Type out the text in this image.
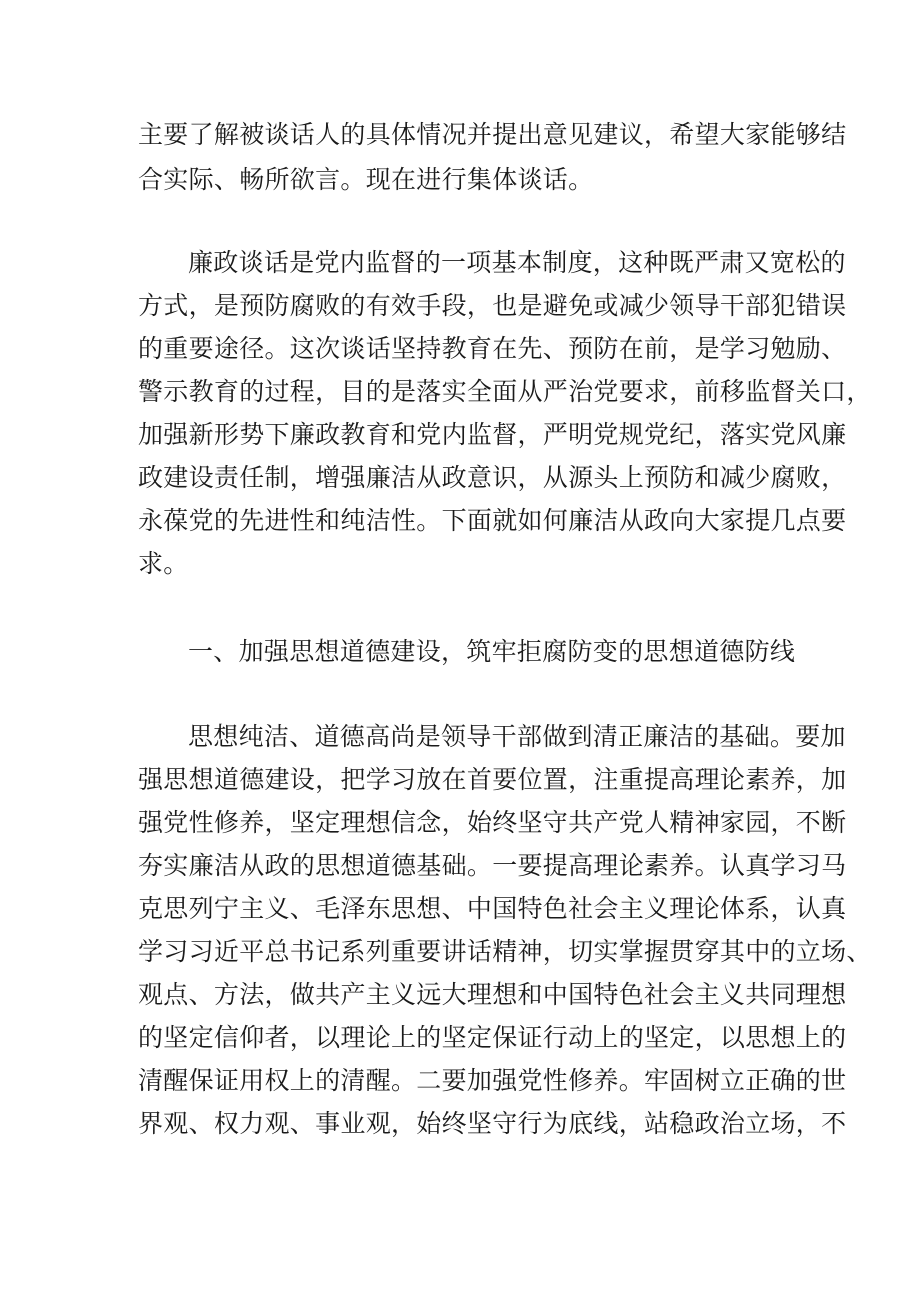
主要了解被谈话人的具体情况并提出意见建议，希望大家能够结
合实际、畅所欲言。现在进行集体谈话。
廉政谈话是党内监督的一项基本制度，这种既严肃又宽松的
方式，是预防腐败的有效手段，也是避免或减少领导干部犯错误
的重要途径。这次谈话坚持教育在先、预防在前，是学习勉励、
警示教育的过程，目的是落实全面从严治党要求，前移监督关口，
加强新形势下廉政教育和党内监督，严明党规党纪，落实党风廉
政建设责任制，增强廉洁从政意识，从源头上预防和减少腐败，
永葆党的先进性和纯洁性。下面就如何廉洁从政向大家提几点要
求。
一、加强思想道德建设，筑牢拒腐防变的思想道德防线
思想纯洁、道德高尚是领导干部做到清正廉洁的基础。要加
强思想道德建设，把学习放在首要位置，注重提高理论素养，加
强党性修养，坚定理想信念，始终坚守共产党人精神家园，不断
夯实廉洁从政的思想道德基础。一要提高理论素养。认真学习马
克思列宁主义、毛泽东思想、中国特色社会主义理论体系，认真
学习习近平总书记系列重要讲话精神，切实掌握贯穿其中的立场、
观点、方法，做共产主义远大理想和中国特色社会主义共同理想
的坚定信仰者，以理论上的坚定保证行动上的坚定，以思想上的
清醒保证用权上的清醒。二要加强党性修养。牢固树立正确的世
界观、权力观、事业观，始终坚守行为底线，站稳政治立场，不
